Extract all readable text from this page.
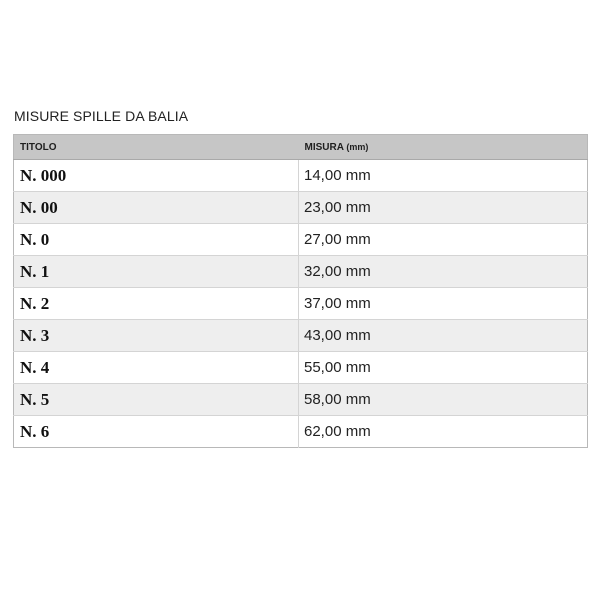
MISURE SPILLE DA BALIA
TITOLO	MISURA (mm)
N. 000	14,00 mm
N. 00	23,00 mm
N. 0	27,00 mm
N. 1	32,00 mm
N. 2	37,00 mm
N. 3	43,00 mm
N. 4	55,00 mm
N. 5	58,00 mm
N. 6	62,00 mm
